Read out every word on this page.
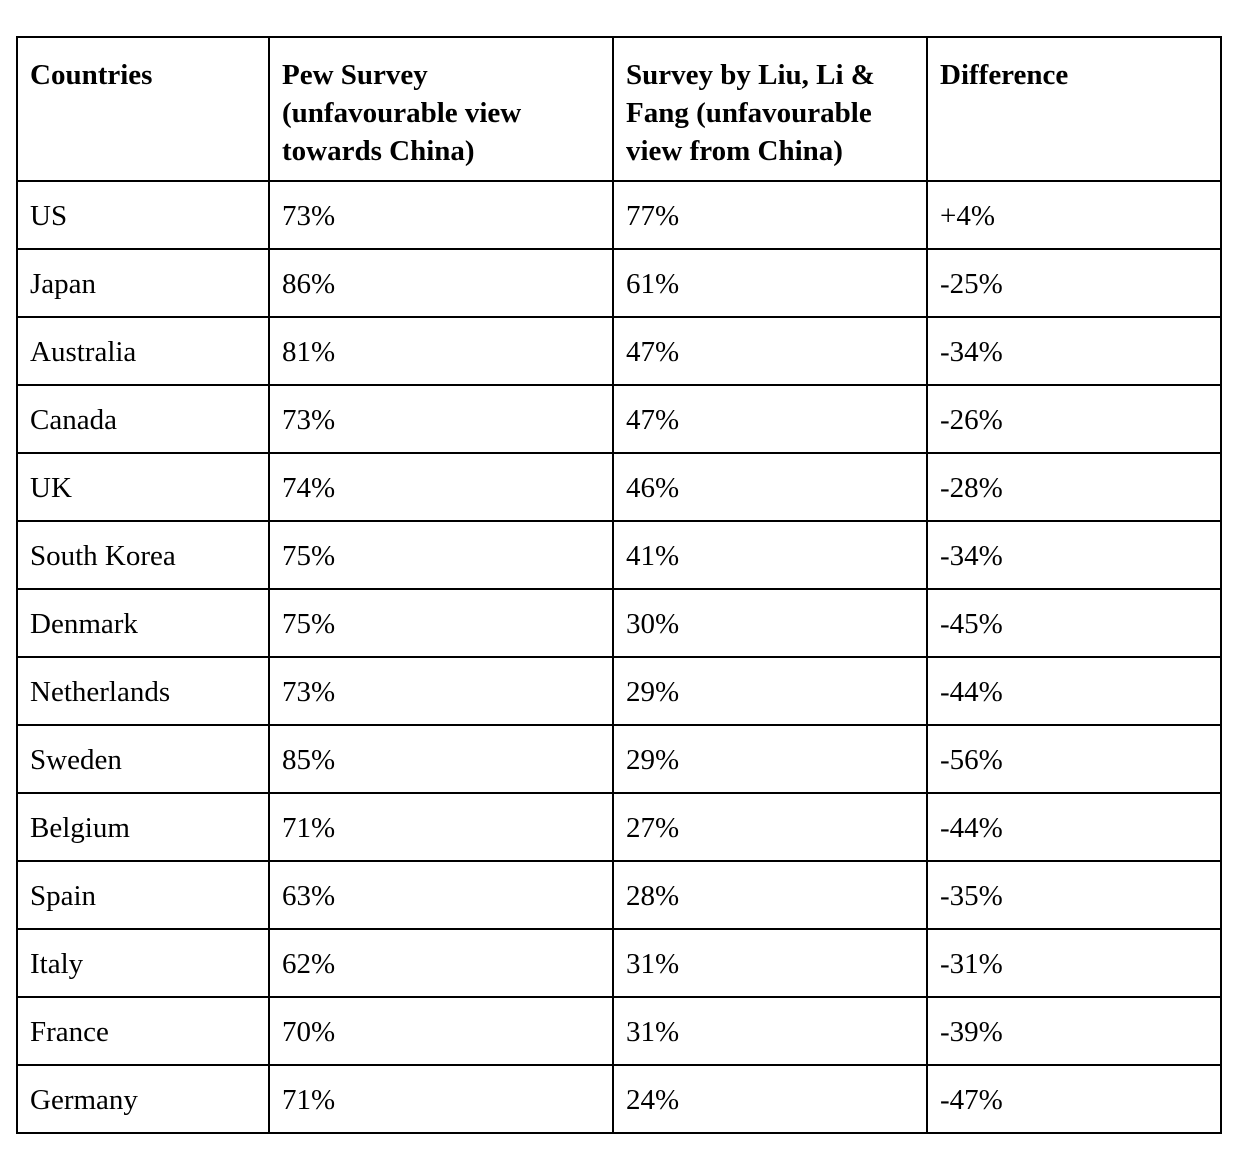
Countries	Pew Survey (unfavourable view towards China)	Survey by Liu, Li & Fang (unfavourable view from China)	Difference
US	73%	77%	+4%
Japan	86%	61%	-25%
Australia	81%	47%	-34%
Canada	73%	47%	-26%
UK	74%	46%	-28%
South Korea	75%	41%	-34%
Denmark	75%	30%	-45%
Netherlands	73%	29%	-44%
Sweden	85%	29%	-56%
Belgium	71%	27%	-44%
Spain	63%	28%	-35%
Italy	62%	31%	-31%
France	70%	31%	-39%
Germany	71%	24%	-47%
